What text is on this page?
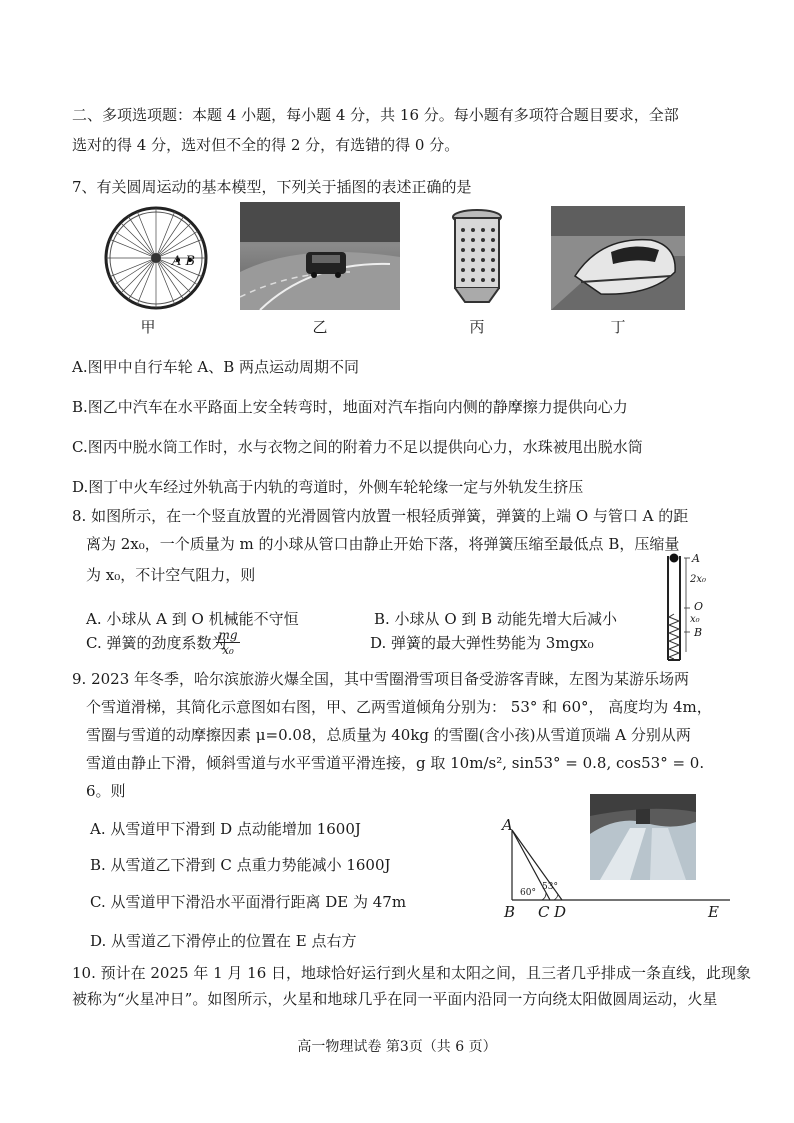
二、多项选项题：本题 4 小题，每小题 4 分，共 16 分。每小题有多项符合题目要求，全部
选对的得 4 分，选对但不全的得 2 分，有选错的得 0 分。
7、有关圆周运动的基本模型，下列关于插图的表述正确的是
A B
甲	乙	丙	丁
A.图甲中自行车轮 A、B 两点运动周期不同
B.图乙中汽车在水平路面上安全转弯时，地面对汽车指向内侧的静摩擦力提供向心力
C.图丙中脱水筒工作时，水与衣物之间的附着力不足以提供向心力，水珠被甩出脱水筒
D.图丁中火车经过外轨高于内轨的弯道时，外侧车轮轮缘一定与外轨发生挤压
8. 如图所示，在一个竖直放置的光滑圆管内放置一根轻质弹簧，弹簧的上端 O 与管口 A 的距
离为 2x₀，一个质量为 m 的小球从管口由静止开始下落，将弹簧压缩至最低点 B，压缩量
为 x₀，不计空气阻力，则
A. 小球从 A 到 O 机械能不守恒	B. 小球从 O 到 B 动能先增大后减小
C. 弹簧的劲度系数为
$\frac{mg}{\text{x₀}}$	D. 弹簧的最大弹性势能为 3mgx₀
A
2x₀
O
x₀
B
9. 2023 年冬季，哈尔滨旅游火爆全国，其中雪圈滑雪项目备受游客青睐，左图为某游乐场两
个雪道滑梯，其简化示意图如右图，甲、乙两雪道倾角分别为： 53° 和 60°， 高度均为 4m，
雪圈与雪道的动摩擦因素 μ=0.08，总质量为 40kg 的雪圈(含小孩)从雪道顶端 A 分别从两
雪道由静止下滑，倾斜雪道与水平雪道平滑连接，g 取 10m/s², sin53° = 0.8, cos53° = 0.
6。则
A. 从雪道甲下滑到 D 点动能增加 1600J
B. 从雪道乙下滑到 C 点重力势能减小 1600J
C. 从雪道甲下滑沿水平面滑行距离 DE 为 47m
D. 从雪道乙下滑停止的位置在 E 点右方
A
B C D	E
60°
53°
10. 预计在 2025 年 1 月 16 日，地球恰好运行到火星和太阳之间，且三者几乎排成一条直线，此现象
被称为“火星冲日”。如图所示，火星和地球几乎在同一平面内沿同一方向绕太阳做圆周运动，火星
高一物理试卷 第3页（共 6 页）
